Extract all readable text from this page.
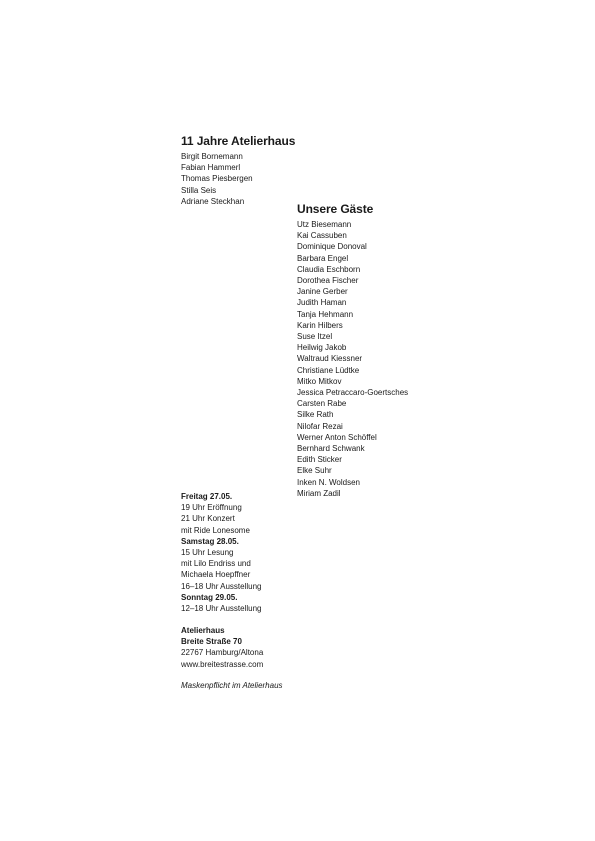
11 Jahre Atelierhaus
Birgit Bornemann
Fabian Hammerl
Thomas Piesbergen
Stilla Seis
Adriane Steckhan
Unsere Gäste
Utz Biesemann
Kai Cassuben
Dominique Donoval
Barbara Engel
Claudia Eschborn
Dorothea Fischer
Janine Gerber
Judith Haman
Tanja Hehmann
Karin Hilbers
Suse Itzel
Heilwig Jakob
Waltraud Kiessner
Christiane Lüdtke
Mitko Mitkov
Jessica Petraccaro-Goertsches
Carsten Rabe
Silke Rath
Nilofar Rezai
Werner Anton Schöffel
Bernhard Schwank
Edith Sticker
Elke Suhr
Inken N. Woldsen
Miriam Zadil
Freitag 27.05.
19 Uhr Eröffnung
21 Uhr Konzert
mit Ride Lonesome
Samstag 28.05.
15 Uhr Lesung
mit Lilo Endriss und
Michaela Hoepffner
16–18 Uhr Ausstellung
Sonntag 29.05.
12–18 Uhr Ausstellung
Atelierhaus
Breite Straße 70
22767 Hamburg/Altona
www.breitestrasse.com
Maskenpflicht im Atelierhaus
